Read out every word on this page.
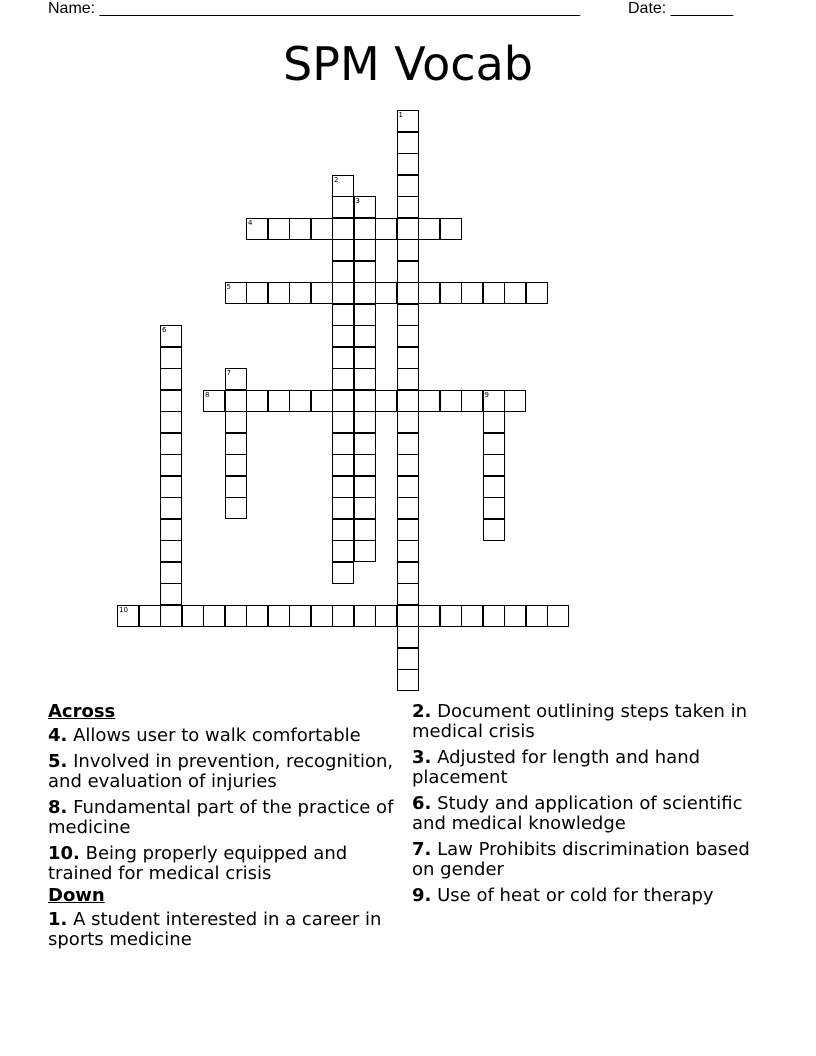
Name: ______________________________________________________	Date: _______
SPM Vocab
1
2
3
4
5
6
7
8	9
10
Across
4. Allows user to walk comfortable
5. Involved in prevention, recognition, and evaluation of injuries
8. Fundamental part of the practice of medicine
10. Being properly equipped and trained for medical crisis
Down
1. A student interested in a career in sports medicine
2. Document outlining steps taken in medical crisis
3. Adjusted for length and hand placement
6. Study and application of scientific and medical knowledge
7. Law Prohibits discrimination based on gender
9. Use of heat or cold for therapy
